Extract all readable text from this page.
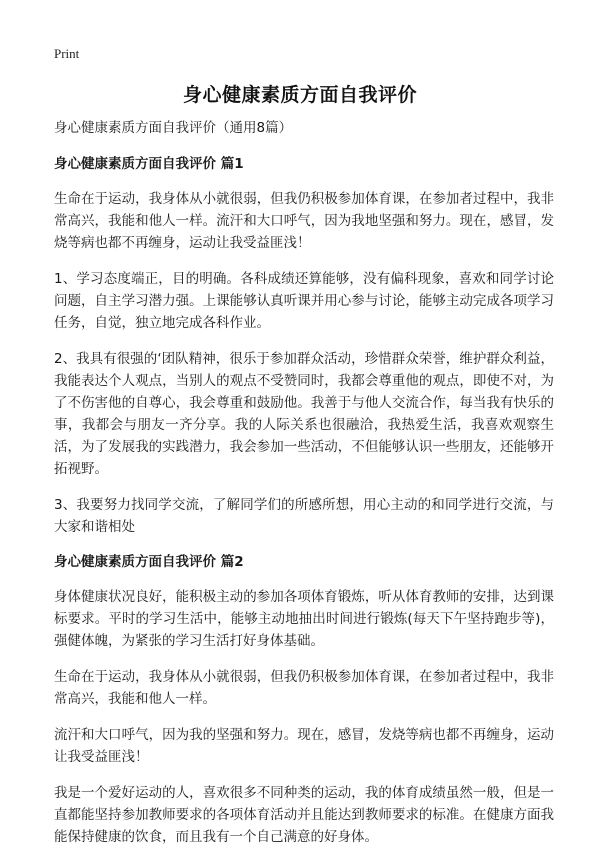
Print
身心健康素质方面自我评价
身心健康素质方面自我评价（通用8篇）
身心健康素质方面自我评价 篇1

生命在于运动，我身体从小就很弱，但我仍积极参加体育课，在参加者过程中，我非常高兴，我能和他人一样。流汗和大口呼气，因为我地坚强和努力。现在，感冒，发烧等病也都不再缠身，运动让我受益匪浅！

1、学习态度端正，目的明确。各科成绩还算能够，没有偏科现象，喜欢和同学讨论问题，自主学习潜力强。上课能够认真听课并用心参与讨论，能够主动完成各项学习任务，自觉，独立地完成各科作业。

2、我具有很强的‘团队精神，很乐于参加群众活动，珍惜群众荣誉，维护群众利益，我能表达个人观点，当别人的观点不受赞同时，我都会尊重他的观点，即使不对，为了不伤害他的自尊心，我会尊重和鼓励他。我善于与他人交流合作，每当我有快乐的事，我都会与朋友一齐分享。我的人际关系也很融洽，我热爱生活，我喜欢观察生活，为了发展我的实践潜力，我会参加一些活动，不但能够认识一些朋友，还能够开拓视野。

3、我要努力找同学交流，了解同学们的所感所想，用心主动的和同学进行交流，与大家和谐相处

身心健康素质方面自我评价 篇2

身体健康状况良好，能积极主动的参加各项体育锻炼，听从体育教师的安排，达到课标要求。平时的学习生活中，能够主动地抽出时间进行锻炼(每天下午坚持跑步等)，强健体魄，为紧张的学习生活打好身体基础。

生命在于运动，我身体从小就很弱，但我仍积极参加体育课，在参加者过程中，我非常高兴，我能和他人一样。

流汗和大口呼气，因为我的坚强和努力。现在，感冒，发烧等病也都不再缠身，运动让我受益匪浅！

我是一个爱好运动的人，喜欢很多不同种类的运动，我的体育成绩虽然一般，但是一直都能坚持参加教师要求的各项体育活动并且能达到教师要求的标准。在健康方面我能保持健康的饮食，而且我有一个自己满意的好身体。
